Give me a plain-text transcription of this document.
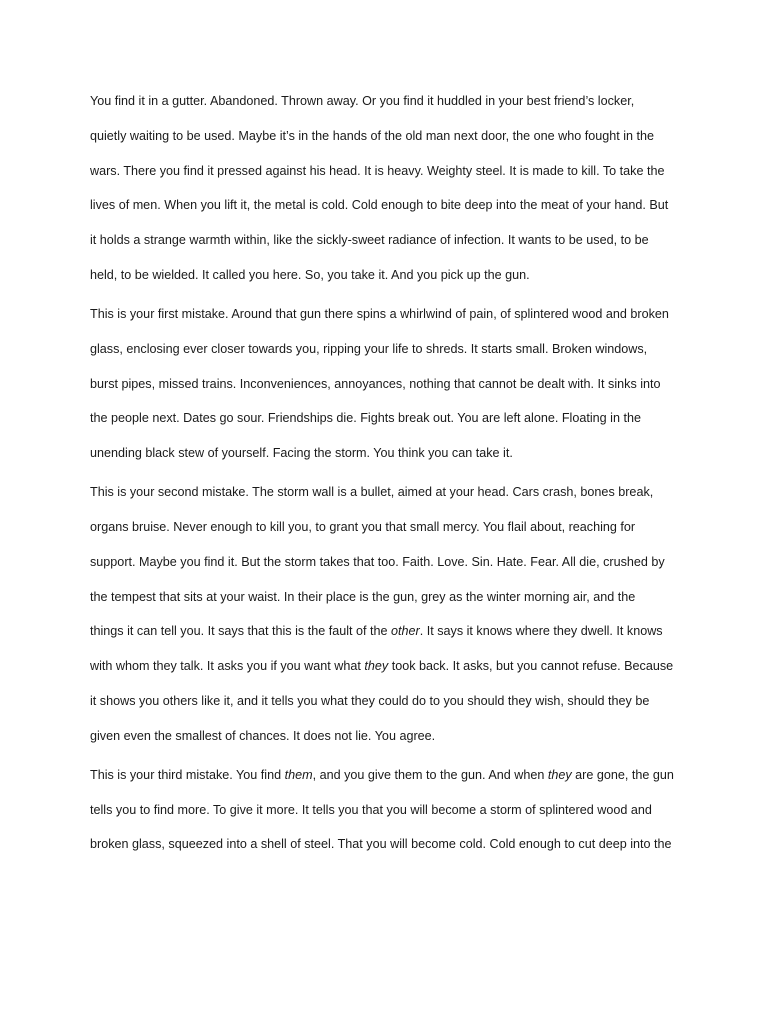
You find it in a gutter. Abandoned. Thrown away. Or you find it huddled in your best friend’s locker,
quietly waiting to be used. Maybe it’s in the hands of the old man next door, the one who fought in the
wars. There you find it pressed against his head. It is heavy. Weighty steel. It is made to kill. To take the
lives of men. When you lift it, the metal is cold. Cold enough to bite deep into the meat of your hand. But
it holds a strange warmth within, like the sickly-sweet radiance of infection. It wants to be used, to be
held, to be wielded. It called you here. So, you take it. And you pick up the gun.
This is your first mistake. Around that gun there spins a whirlwind of pain, of splintered wood and broken
glass, enclosing ever closer towards you, ripping your life to shreds. It starts small. Broken windows,
burst pipes, missed trains. Inconveniences, annoyances, nothing that cannot be dealt with. It sinks into
the people next. Dates go sour. Friendships die. Fights break out. You are left alone. Floating in the
unending black stew of yourself. Facing the storm. You think you can take it.
This is your second mistake. The storm wall is a bullet, aimed at your head. Cars crash, bones break,
organs bruise. Never enough to kill you, to grant you that small mercy. You flail about, reaching for
support. Maybe you find it. But the storm takes that too. Faith. Love. Sin. Hate. Fear. All die, crushed by
the tempest that sits at your waist. In their place is the gun, grey as the winter morning air, and the
things it can tell you. It says that this is the fault of the other. It says it knows where they dwell. It knows
with whom they talk. It asks you if you want what they took back. It asks, but you cannot refuse. Because
it shows you others like it, and it tells you what they could do to you should they wish, should they be
given even the smallest of chances. It does not lie. You agree.
This is your third mistake. You find them, and you give them to the gun. And when they are gone, the gun
tells you to find more. To give it more. It tells you that you will become a storm of splintered wood and
broken glass, squeezed into a shell of steel. That you will become cold. Cold enough to cut deep into the
